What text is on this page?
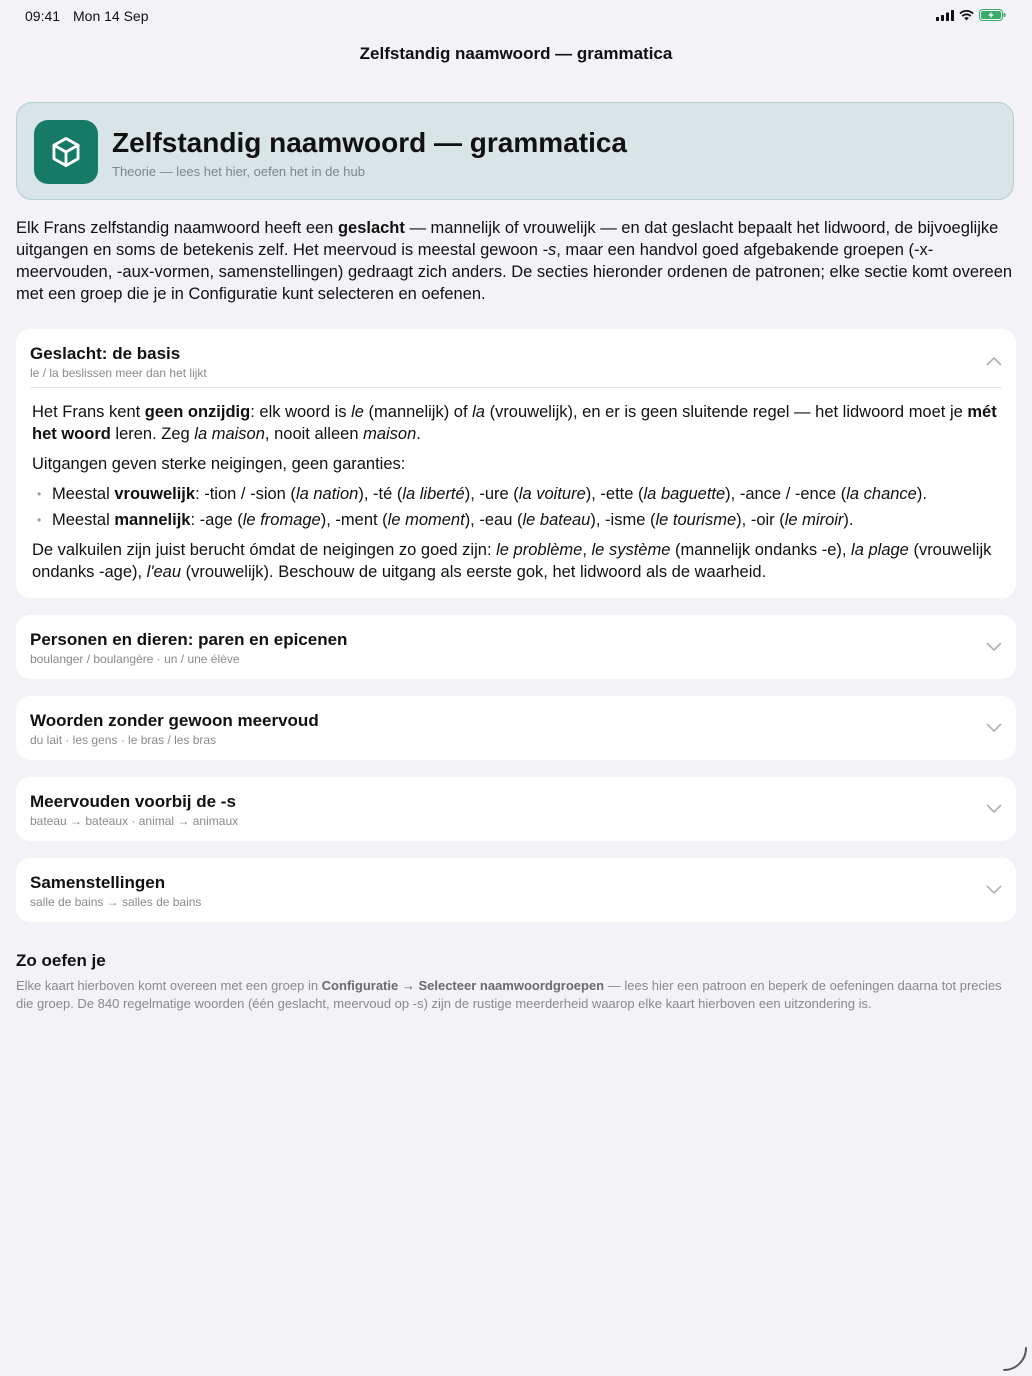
09:41 Mon 14 Sep
Zelfstandig naamwoord — grammatica
Zelfstandig naamwoord — grammatica
Theorie — lees het hier, oefen het in de hub

Elk Frans zelfstandig naamwoord heeft een geslacht — mannelijk of vrouwelijk — en dat geslacht bepaalt het lidwoord, de bijvoeglijke uitgangen en soms de betekenis zelf. Het meervoud is meestal gewoon -s, maar een handvol goed afgebakende groepen (-x-meervouden, -aux-vormen, samenstellingen) gedraagt zich anders. De secties hieronder ordenen de patronen; elke sectie komt overeen met een groep die je in Configuratie kunt selecteren en oefenen.

Geslacht: de basis
le / la beslissen meer dan het lijkt

Het Frans kent geen onzijdig: elk woord is le (mannelijk) of la (vrouwelijk), en er is geen sluitende regel — het lidwoord moet je mét het woord leren. Zeg la maison, nooit alleen maison.

Uitgangen geven sterke neigingen, geen garanties:

• Meestal vrouwelijk: -tion / -sion (la nation), -té (la liberté), -ure (la voiture), -ette (la baguette), -ance / -ence (la chance).
• Meestal mannelijk: -age (le fromage), -ment (le moment), -eau (le bateau), -isme (le tourisme), -oir (le miroir).

De valkuilen zijn juist berucht ómdat de neigingen zo goed zijn: le problème, le système (mannelijk ondanks -e), la plage (vrouwelijk ondanks -age), l'eau (vrouwelijk). Beschouw de uitgang als eerste gok, het lidwoord als de waarheid.

Personen en dieren: paren en epicenen
boulanger / boulangère · un / une élève
Woorden zonder gewoon meervoud
du lait · les gens · le bras / les bras
Meervouden voorbij de -s
bateau → bateaux · animal → animaux
Samenstellingen
salle de bains → salles de bains
Zo oefen je

Elke kaart hierboven komt overeen met een groep in Configuratie → Selecteer naamwoordgroepen — lees hier een patroon en beperk de oefeningen daarna tot precies die groep. De 840 regelmatige woorden (één geslacht, meervoud op -s) zijn de rustige meerderheid waarop elke kaart hierboven een uitzondering is.
